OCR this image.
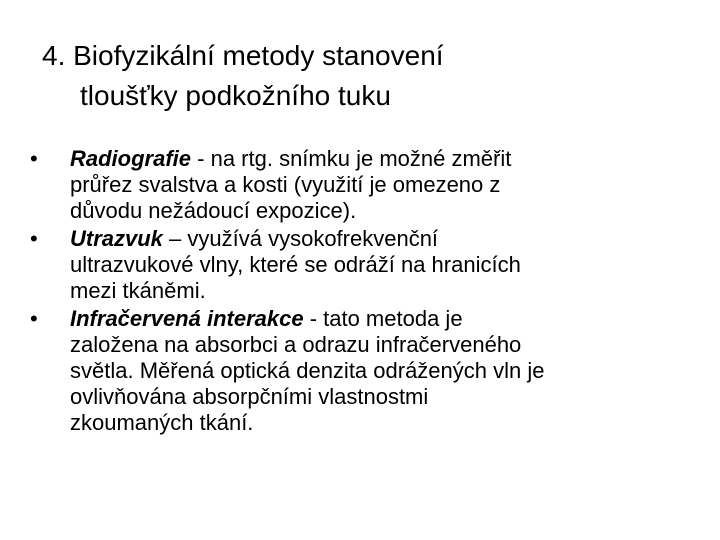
4. Biofyzikální metody stanovení
tloušťky podkožního tuku
•	Radiografie - na rtg. snímku je možné změřit
průřez svalstva a kosti (využití je omezeno z
důvodu nežádoucí expozice).
•	Utrazvuk – využívá vysokofrekvenční
ultrazvukové vlny, které se odráží na hranicích
mezi tkáněmi.
•	Infračervená interakce - tato metoda je
založena na absorbci a odrazu infračerveného
světla. Měřená optická denzita odrážených vln je
ovlivňována absorpčními vlastnostmi
zkoumaných tkání.
